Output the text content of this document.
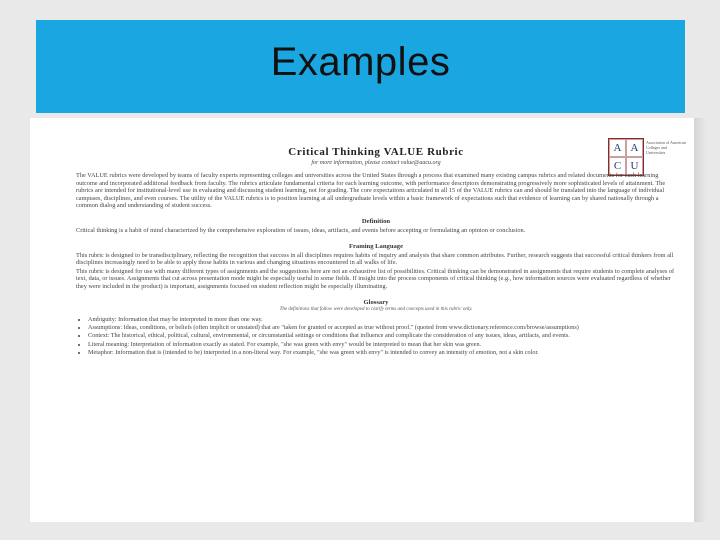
Examples
A A
C U
Association of American Colleges and Universities
Critical Thinking VALUE Rubric
for more information, please contact value@aacu.org

The VALUE rubrics were developed by teams of faculty experts representing colleges and universities across the United States through a process that examined many existing campus rubrics and related documents for each learning outcome and incorporated additional feedback from faculty. The rubrics articulate fundamental criteria for each learning outcome, with performance descriptors demonstrating progressively more sophisticated levels of attainment. The rubrics are intended for institutional-level use in evaluating and discussing student learning, not for grading. The core expectations articulated in all 15 of the VALUE rubrics can and should be translated into the language of individual campuses, disciplines, and even courses. The utility of the VALUE rubrics is to position learning at all undergraduate levels within a basic framework of expectations such that evidence of learning can by shared nationally through a common dialog and understanding of student success.

Definition

Critical thinking is a habit of mind characterized by the comprehensive exploration of issues, ideas, artifacts, and events before accepting or formulating an opinion or conclusion.

Framing Language

This rubric is designed to be transdisciplinary, reflecting the recognition that success in all disciplines requires habits of inquiry and analysis that share common attributes. Further, research suggests that successful critical thinkers from all disciplines increasingly need to be able to apply those habits in various and changing situations encountered in all walks of life.

This rubric is designed for use with many different types of assignments and the suggestions here are not an exhaustive list of possibilities. Critical thinking can be demonstrated in assignments that require students to complete analyses of text, data, or issues. Assignments that cut across presentation mode might be especially useful in some fields. If insight into the process components of critical thinking (e.g., how information sources were evaluated regardless of whether they were included in the product) is important, assignments focused on student reflection might be especially illuminating.

Glossary
The definitions that follow were developed to clarify terms and concepts used in this rubric only.
• Ambiguity: Information that may be interpreted in more than one way.
• Assumptions: Ideas, conditions, or beliefs (often implicit or unstated) that are "taken for granted or accepted as true without proof." (quoted from www.dictionary.reference.com/browse/assumptions)
• Context: The historical, ethical, political, cultural, environmental, or circumstantial settings or conditions that influence and complicate the consideration of any issues, ideas, artifacts, and events.
• Literal meaning: Interpretation of information exactly as stated. For example, "she was green with envy" would be interpreted to mean that her skin was green.
• Metaphor: Information that is (intended to be) interpreted in a non-literal way. For example, "she was green with envy" is intended to convey an intensity of emotion, not a skin color.
